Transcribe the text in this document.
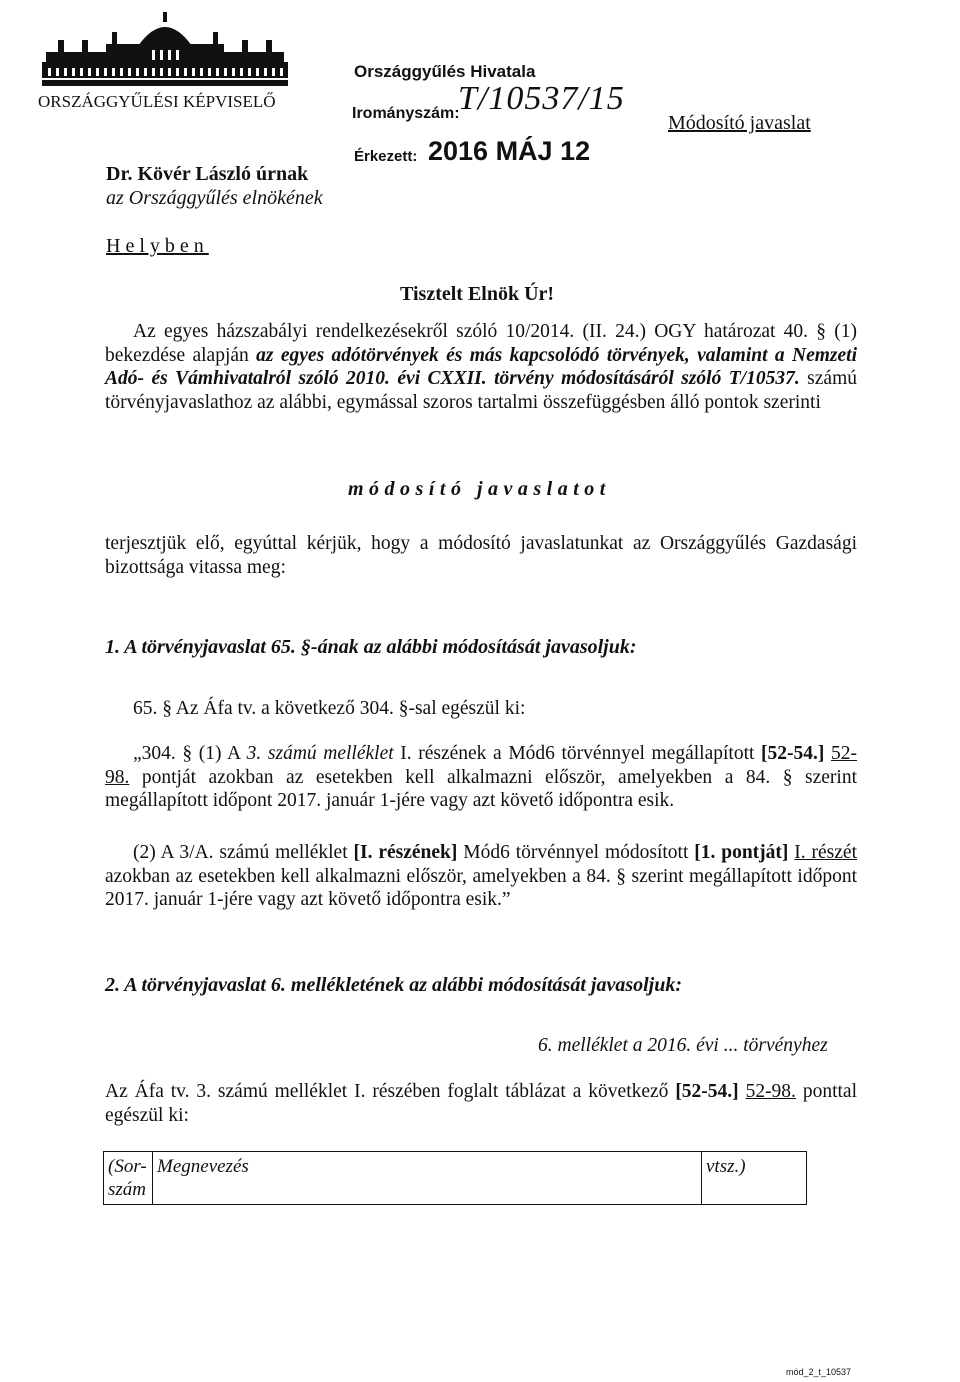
ORSZÁGGYŰLÉSI KÉPVISELŐ
Országgyűlés Hivatala
Irományszám:
T/10537/15
Érkezett: 2016 MÁJ 12
Módosító javaslat
Dr. Kövér László úrnak
az Országgyűlés elnökének
Helyben
Tisztelt Elnök Úr!
Az egyes házszabályi rendelkezésekről szóló 10/2014. (II. 24.) OGY határozat 40. § (1) bekezdése alapján az egyes adótörvények és más kapcsolódó törvények, valamint a Nemzeti Adó- és Vámhivatalról szóló 2010. évi CXXII. törvény módosításáról szóló T/10537. számú törvényjavaslathoz az alábbi, egymással szoros tartalmi összefüggésben álló pontok szerinti
módosító javaslatot
terjesztjük elő, egyúttal kérjük, hogy a módosító javaslatunkat az Országgyűlés Gazdasági bizottsága vitassa meg:
1. A törvényjavaslat 65. §-ának az alábbi módosítását javasoljuk:
65. § Az Áfa tv. a következő 304. §-sal egészül ki:
„304. § (1) A 3. számú melléklet I. részének a Mód6 törvénnyel megállapított [52-54.] 52-98. pontját azokban az esetekben kell alkalmazni először, amelyekben a 84. § szerint megállapított időpont 2017. január 1-jére vagy azt követő időpontra esik.
(2) A 3/A. számú melléklet [I. részének] Mód6 törvénnyel módosított [1. pontját] I. részét azokban az esetekben kell alkalmazni először, amelyekben a 84. § szerint megállapított időpont 2017. január 1-jére vagy azt követő időpontra esik.”
2. A törvényjavaslat 6. mellékletének az alábbi módosítását javasoljuk:
6. melléklet a 2016. évi ... törvényhez
Az Áfa tv. 3. számú melléklet I. részében foglalt táblázat a következő [52-54.] 52-98. ponttal egészül ki:
(Sor-szám	Megnevezés	vtsz.)
mód_2_t_10537
